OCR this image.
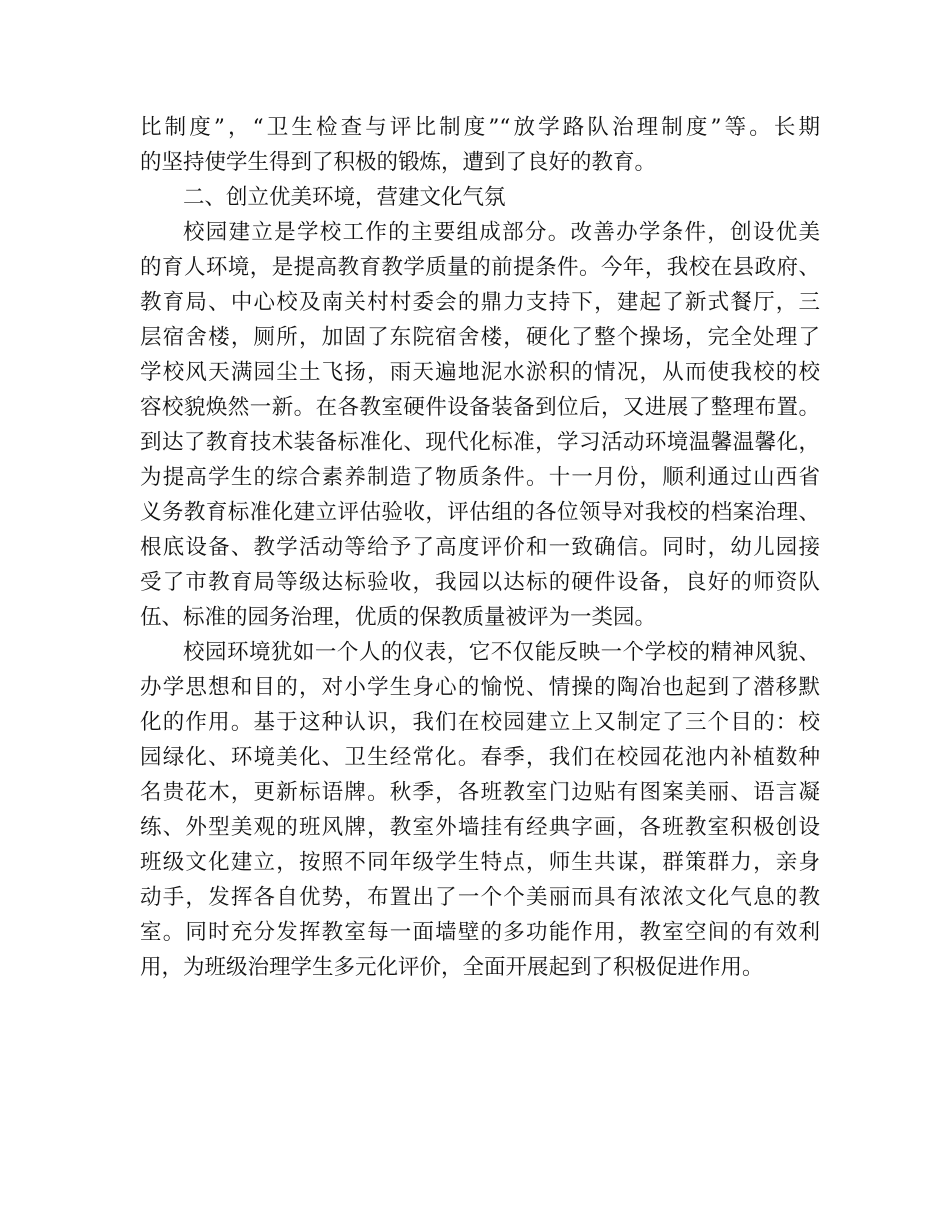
比制度”，“卫生检查与评比制度”“放学路队治理制度”等。长期
的坚持使学生得到了积极的锻炼，遭到了良好的教育。
二、创立优美环境，营建文化气氛
校园建立是学校工作的主要组成部分。改善办学条件，创设优美
的育人环境，是提高教育教学质量的前提条件。今年，我校在县政府、
教育局、中心校及南关村村委会的鼎力支持下，建起了新式餐厅，三
层宿舍楼，厕所，加固了东院宿舍楼，硬化了整个操场，完全处理了
学校风天满园尘土飞扬，雨天遍地泥水淤积的情况，从而使我校的校
容校貌焕然一新。在各教室硬件设备装备到位后，又进展了整理布置。
到达了教育技术装备标准化、现代化标准，学习活动环境温馨温馨化，
为提高学生的综合素养制造了物质条件。十一月份，顺利通过山西省
义务教育标准化建立评估验收，评估组的各位领导对我校的档案治理、
根底设备、教学活动等给予了高度评价和一致确信。同时，幼儿园接
受了市教育局等级达标验收，我园以达标的硬件设备，良好的师资队
伍、标准的园务治理，优质的保教质量被评为一类园。
校园环境犹如一个人的仪表，它不仅能反映一个学校的精神风貌、
办学思想和目的，对小学生身心的愉悦、情操的陶冶也起到了潜移默
化的作用。基于这种认识，我们在校园建立上又制定了三个目的：校
园绿化、环境美化、卫生经常化。春季，我们在校园花池内补植数种
名贵花木，更新标语牌。秋季，各班教室门边贴有图案美丽、语言凝
练、外型美观的班风牌，教室外墙挂有经典字画，各班教室积极创设
班级文化建立，按照不同年级学生特点，师生共谋，群策群力，亲身
动手，发挥各自优势，布置出了一个个美丽而具有浓浓文化气息的教
室。同时充分发挥教室每一面墙壁的多功能作用，教室空间的有效利
用，为班级治理学生多元化评价，全面开展起到了积极促进作用。
